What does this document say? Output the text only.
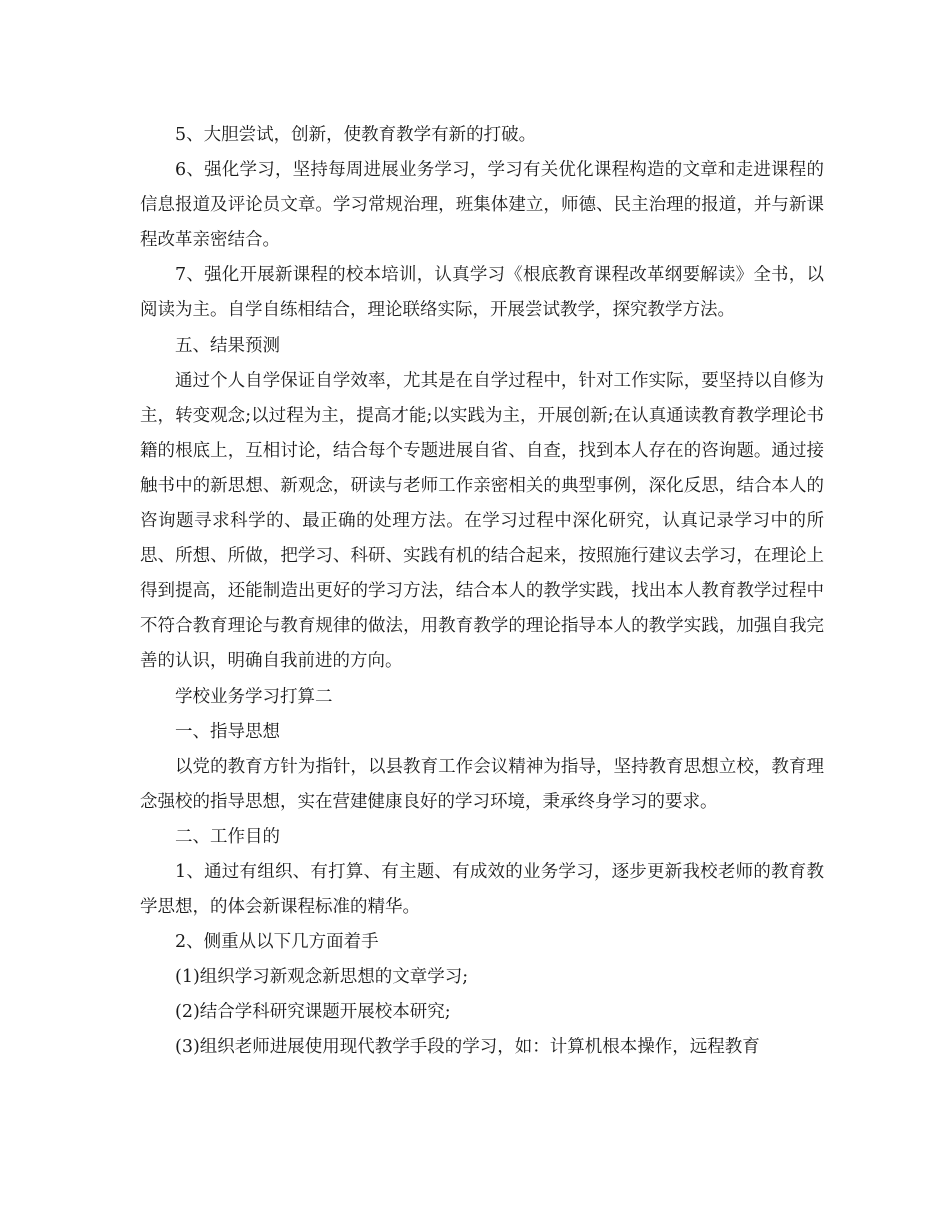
5、大胆尝试，创新，使教育教学有新的打破。

6、强化学习，坚持每周进展业务学习，学习有关优化课程构造的文章和走进课程的信息报道及评论员文章。学习常规治理，班集体建立，师德、民主治理的报道，并与新课程改革亲密结合。

7、强化开展新课程的校本培训，认真学习《根底教育课程改革纲要解读》全书，以阅读为主。自学自练相结合，理论联络实际，开展尝试教学，探究教学方法。

五、结果预测

通过个人自学保证自学效率，尤其是在自学过程中，针对工作实际，要坚持以自修为主，转变观念;以过程为主，提高才能;以实践为主，开展创新;在认真通读教育教学理论书籍的根底上，互相讨论，结合每个专题进展自省、自查，找到本人存在的咨询题。通过接触书中的新思想、新观念，研读与老师工作亲密相关的典型事例，深化反思，结合本人的咨询题寻求科学的、最正确的处理方法。在学习过程中深化研究，认真记录学习中的所思、所想、所做，把学习、科研、实践有机的结合起来，按照施行建议去学习，在理论上得到提高，还能制造出更好的学习方法，结合本人的教学实践，找出本人教育教学过程中不符合教育理论与教育规律的做法，用教育教学的理论指导本人的教学实践，加强自我完善的认识，明确自我前进的方向。

学校业务学习打算二

一、指导思想

以党的教育方针为指针，以县教育工作会议精神为指导，坚持教育思想立校，教育理念强校的指导思想，实在营建健康良好的学习环境，秉承终身学习的要求。

二、工作目的

1、通过有组织、有打算、有主题、有成效的业务学习，逐步更新我校老师的教育教学思想，的体会新课程标准的精华。

2、侧重从以下几方面着手

(1)组织学习新观念新思想的文章学习;

(2)结合学科研究课题开展校本研究;

(3)组织老师进展使用现代教学手段的学习，如：计算机根本操作，远程教育
